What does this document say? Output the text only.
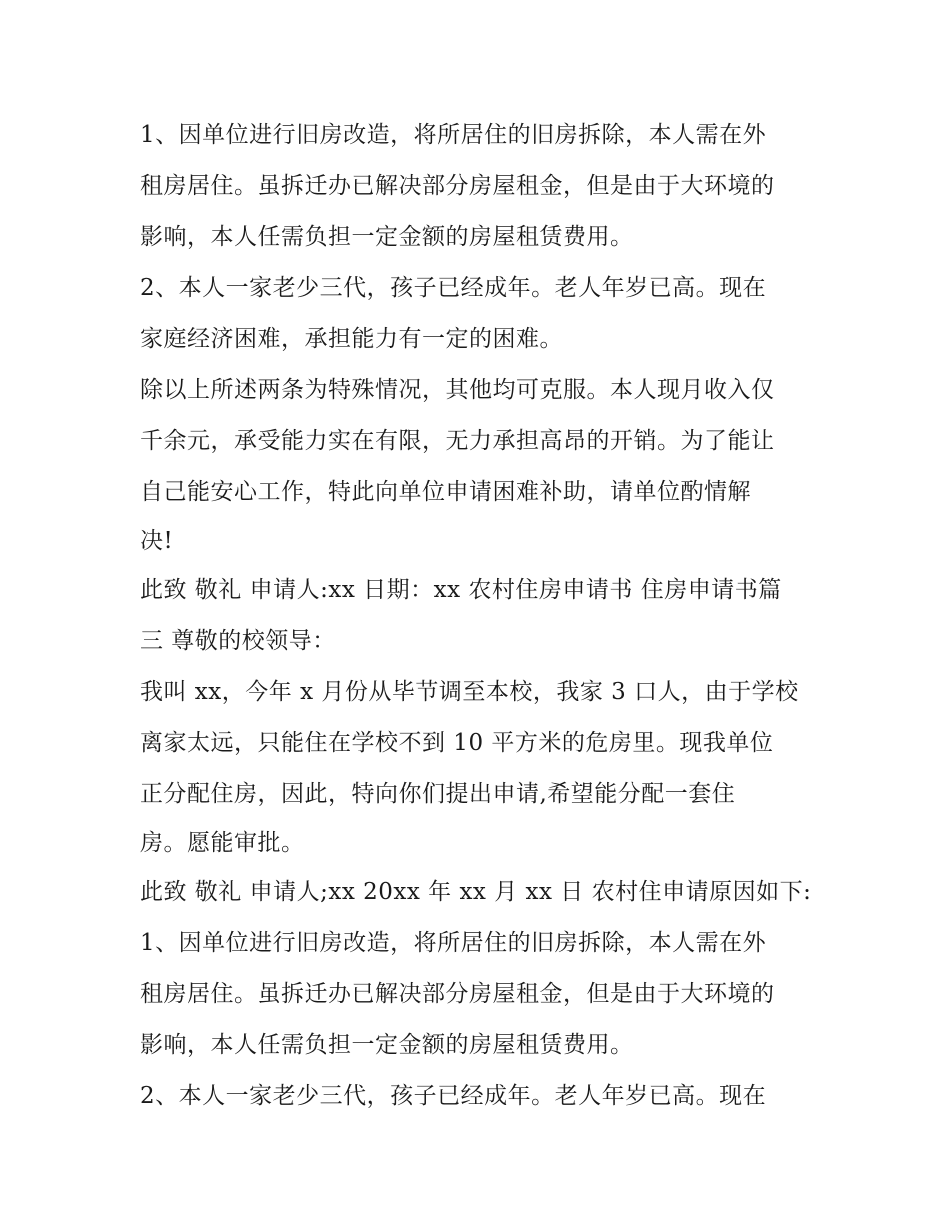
1、因单位进行旧房改造，将所居住的旧房拆除，本人需在外
租房居住。虽拆迁办已解决部分房屋租金，但是由于大环境的
影响，本人任需负担一定金额的房屋租赁费用。
2、本人一家老少三代，孩子已经成年。老人年岁已高。现在
家庭经济困难，承担能力有一定的困难。
除以上所述两条为特殊情况，其他均可克服。本人现月收入仅
千余元，承受能力实在有限，无力承担高昂的开销。为了能让
自己能安心工作，特此向单位申请困难补助，请单位酌情解
决!
此致 敬礼 申请人:xx 日期：xx 农村住房申请书 住房申请书篇
三 尊敬的校领导：
我叫 xx，今年 x 月份从毕节调至本校，我家 3 口人，由于学校
离家太远，只能住在学校不到 10 平方米的危房里。现我单位
正分配住房，因此，特向你们提出申请,希望能分配一套住
房。愿能审批。
此致 敬礼 申请人;xx 20xx 年 xx 月 xx 日 农村住申请原因如下:
1、因单位进行旧房改造，将所居住的旧房拆除，本人需在外
租房居住。虽拆迁办已解决部分房屋租金，但是由于大环境的
影响，本人任需负担一定金额的房屋租赁费用。
2、本人一家老少三代，孩子已经成年。老人年岁已高。现在
